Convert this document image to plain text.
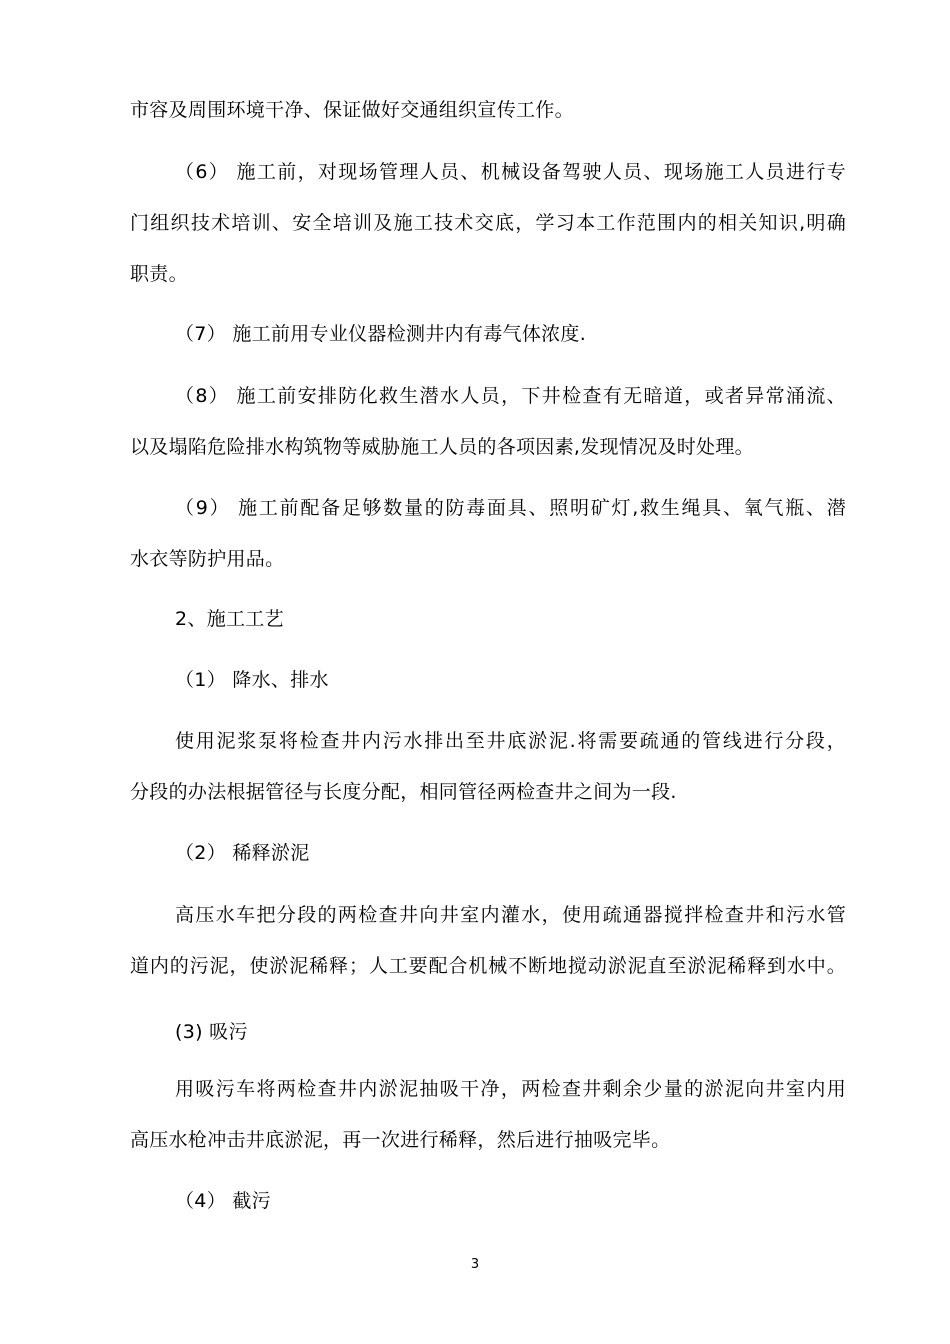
市容及周围环境干净、保证做好交通组织宣传工作。
（6） 施工前，对现场管理人员、机械设备驾驶人员、现场施工人员进行专
门组织技术培训、安全培训及施工技术交底，学习本工作范围内的相关知识,明确
职责。
（7） 施工前用专业仪器检测井内有毒气体浓度.
（8） 施工前安排防化救生潜水人员，下井检查有无暗道，或者异常涌流、
以及塌陷危险排水构筑物等威胁施工人员的各项因素,发现情况及时处理。
（9） 施工前配备足够数量的防毒面具、照明矿灯,救生绳具、氧气瓶、潜
水衣等防护用品。
2、施工工艺
（1） 降水、排水
使用泥浆泵将检查井内污水排出至井底淤泥.将需要疏通的管线进行分段，
分段的办法根据管径与长度分配，相同管径两检查井之间为一段.
（2） 稀释淤泥
高压水车把分段的两检查井向井室内灌水，使用疏通器搅拌检查井和污水管
道内的污泥，使淤泥稀释；人工要配合机械不断地搅动淤泥直至淤泥稀释到水中。
(3) 吸污
用吸污车将两检查井内淤泥抽吸干净，两检查井剩余少量的淤泥向井室内用
高压水枪冲击井底淤泥，再一次进行稀释，然后进行抽吸完毕。
（4） 截污
3
